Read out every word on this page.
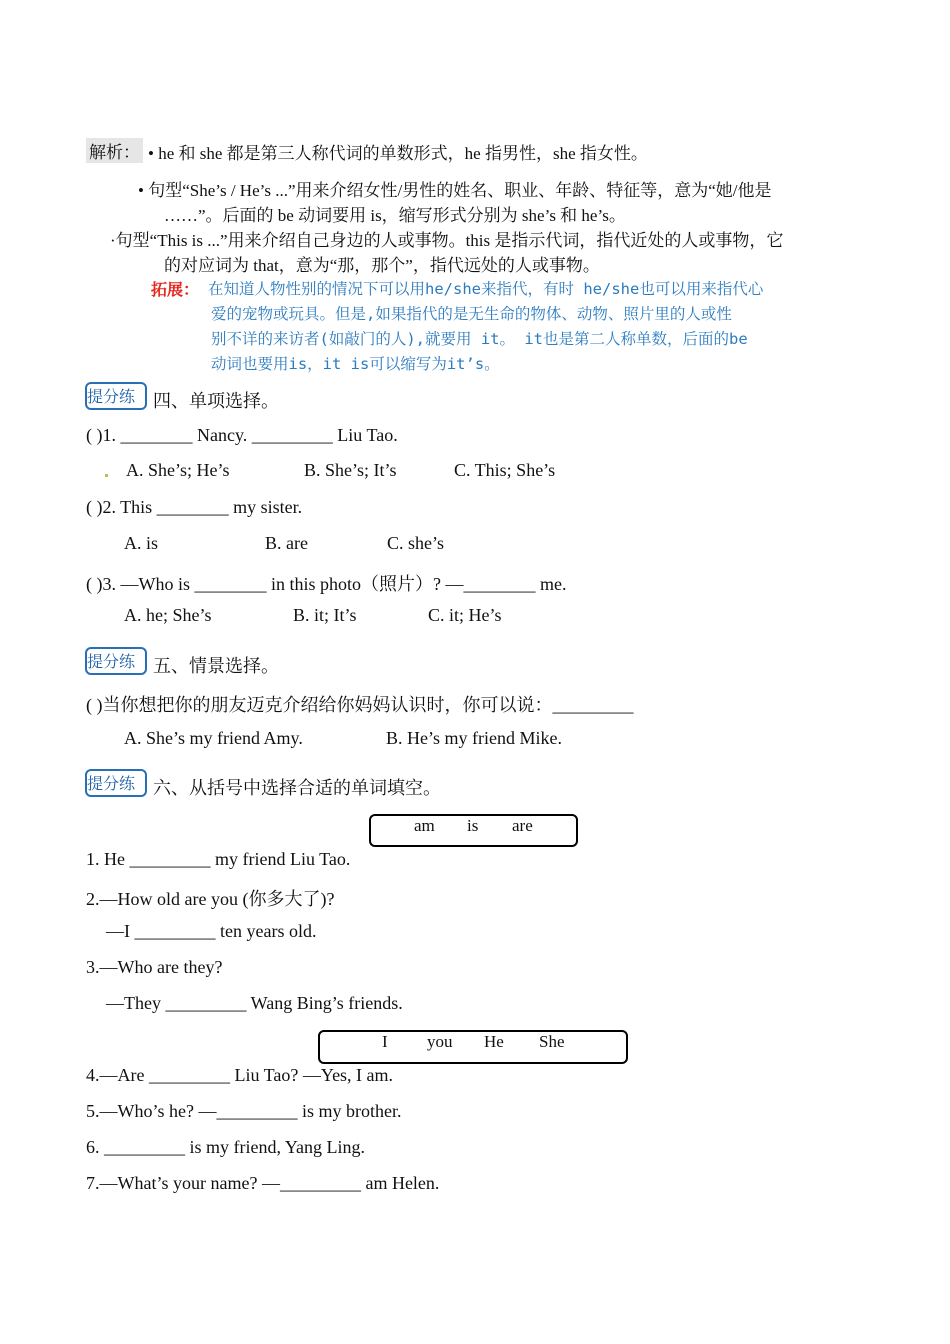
解析： • he 和 she 都是第三人称代词的单数形式，he 指男性，she 指女性。
• 句型“She’s / He’s ...”用来介绍女性/男性的姓名、职业、年龄、特征等，意为“她/他是
……”。后面的 be 动词要用 is，缩写形式分别为 she’s 和 he’s。
·句型“This is ...”用来介绍自己身边的人或事物。this 是指示代词，指代近处的人或事物，它
的对应词为 that，意为“那，那个”，指代远处的人或事物。
拓展： 在知道人物性别的情况下可以用he/she来指代，有时 he/she也可以用来指代心
爱的宠物或玩具。但是,如果指代的是无生命的物体、动物、照片里的人或性
别不详的来访者(如敲门的人),就要用 it。 it也是第二人称单数，后面的be
动词也要用is，it is可以缩写为it’s。
提分练 四、单项选择。
( )1. ________ Nancy. _________ Liu Tao.
A. She’s; He’s	B. She’s; It’s	C. This; She’s
( )2. This ________ my sister.
A. is	B. are	C. she’s
( )3. —Who is ________ in this photo（照片）? —________ me.
A. he; She’s	B. it; It’s	C. it; He’s
提分练 五、情景选择。
( )当你想把你的朋友迈克介绍给你妈妈认识时，你可以说：_________
A. She’s my friend Amy.	B. He’s my friend Mike.
提分练 六、从括号中选择合适的单词填空。
am is are
1. He _________ my friend Liu Tao.
2.—How old are you (你多大了)?
—I _________ ten years old.
3.—Who are they?
—They _________ Wang Bing’s friends.
I you He She
4.—Are _________ Liu Tao? —Yes, I am.
5.—Who’s he? —_________ is my brother.
6. _________ is my friend, Yang Ling.
7.—What’s your name? —_________ am Helen.
